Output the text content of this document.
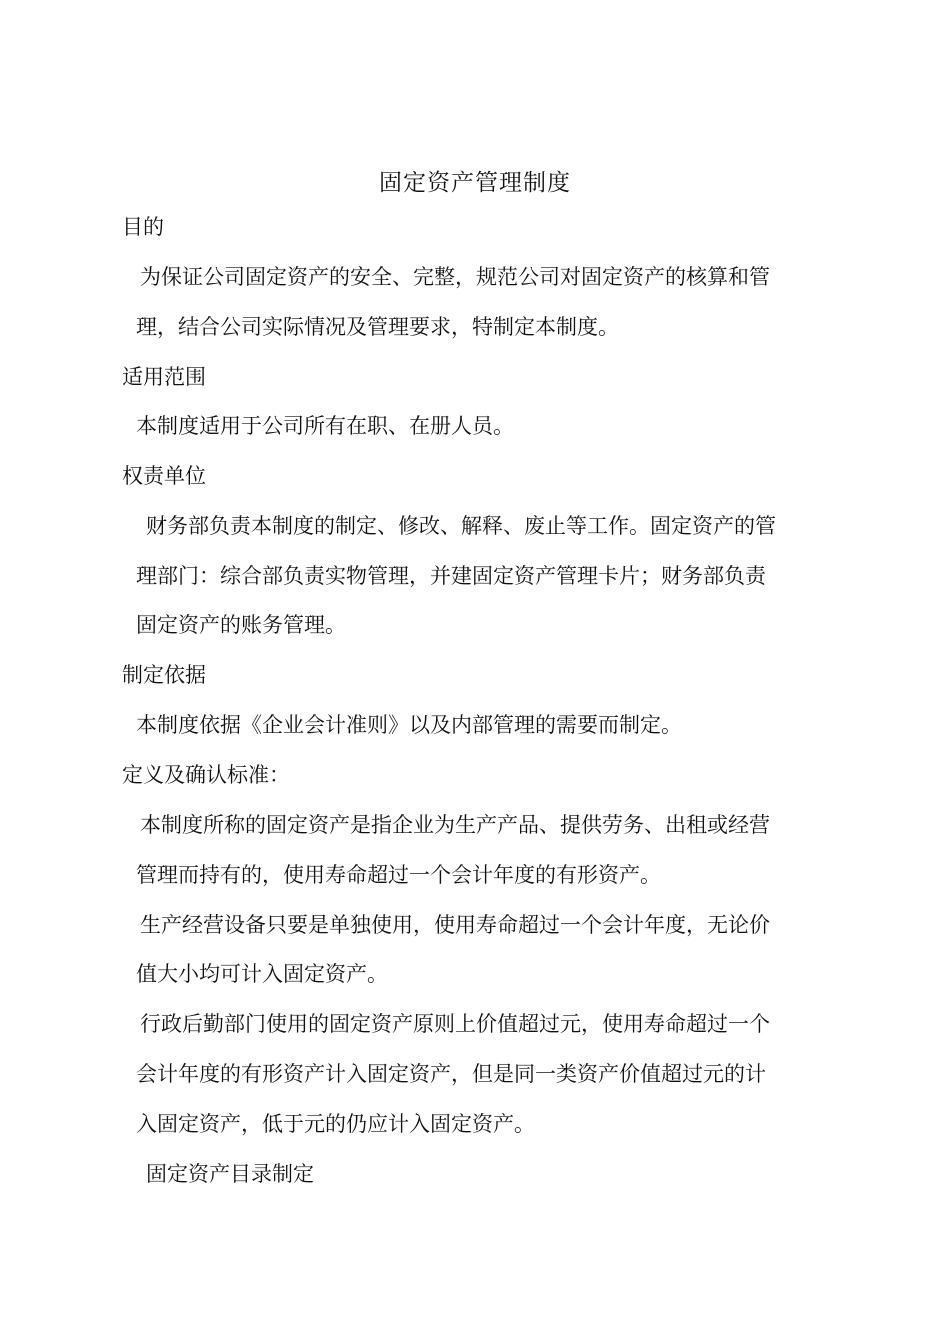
固定资产管理制度

目的

为保证公司固定资产的安全、完整，规范公司对固定资产的核算和管

理，结合公司实际情况及管理要求，特制定本制度。

适用范围

本制度适用于公司所有在职、在册人员。

权责单位

财务部负责本制度的制定、修改、解释、废止等工作。固定资产的管

理部门：综合部负责实物管理，并建固定资产管理卡片；财务部负责

固定资产的账务管理。

制定依据

本制度依据《企业会计准则》以及内部管理的需要而制定。

定义及确认标准：

本制度所称的固定资产是指企业为生产产品、提供劳务、出租或经营

管理而持有的，使用寿命超过一个会计年度的有形资产。

生产经营设备只要是单独使用，使用寿命超过一个会计年度，无论价

值大小均可计入固定资产。

行政后勤部门使用的固定资产原则上价值超过元，使用寿命超过一个

会计年度的有形资产计入固定资产，但是同一类资产价值超过元的计

入固定资产，低于元的仍应计入固定资产。

固定资产目录制定
